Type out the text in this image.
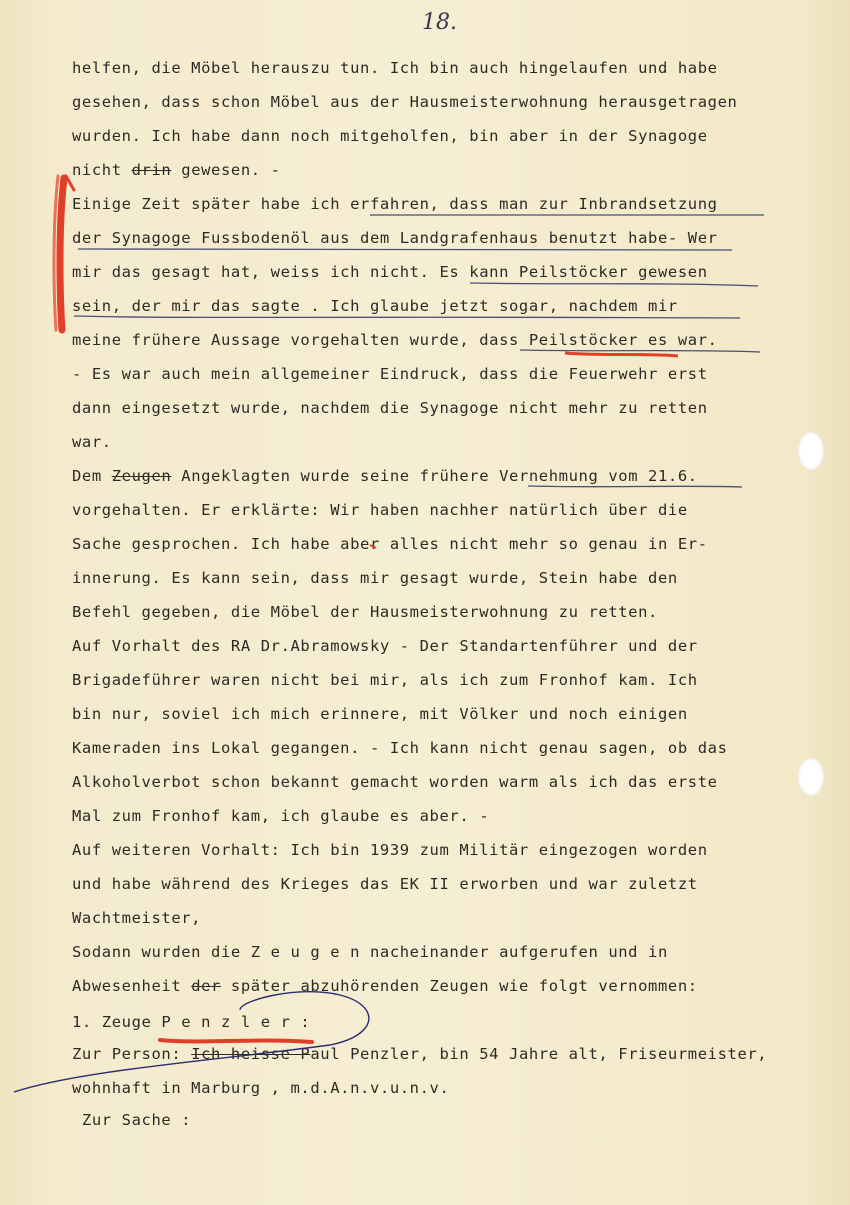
18.
helfen, die Möbel herauszu tun. Ich bin auch hingelaufen und habe
gesehen, dass schon Möbel aus der Hausmeisterwohnung herausgetragen
wurden. Ich habe dann noch mitgeholfen, bin aber in der Synagoge
nicht drin gewesen. -
Einige Zeit später habe ich erfahren, dass man zur Inbrandsetzung
der Synagoge Fussbodenöl aus dem Landgrafenhaus benutzt habe- Wer
mir das gesagt hat, weiss ich nicht. Es kann Peilstöcker gewesen
sein, der mir das sagte . Ich glaube jetzt sogar, nachdem mir
meine frühere Aussage vorgehalten wurde, dass Peilstöcker es war.
- Es war auch mein allgemeiner Eindruck, dass die Feuerwehr erst
dann eingesetzt wurde, nachdem die Synagoge nicht mehr zu retten
war.
Dem Zeugen Angeklagten wurde seine frühere Vernehmung vom 21.6.
vorgehalten. Er erklärte: Wir haben nachher natürlich über die
Sache gesprochen. Ich habe aber alles nicht mehr so genau in Er-
innerung. Es kann sein, dass mir gesagt wurde, Stein habe den
Befehl gegeben, die Möbel der Hausmeisterwohnung zu retten.
Auf Vorhalt des RA Dr.Abramowsky - Der Standartenführer und der
Brigadeführer waren nicht bei mir, als ich zum Fronhof kam. Ich
bin nur, soviel ich mich erinnere, mit Völker und noch einigen
Kameraden ins Lokal gegangen. - Ich kann nicht genau sagen, ob das
Alkoholverbot schon bekannt gemacht worden warm als ich das erste
Mal zum Fronhof kam, ich glaube es aber. -
Auf weiteren Vorhalt: Ich bin 1939 zum Militär eingezogen worden
und habe während des Krieges das EK II erworben und war zuletzt
Wachtmeister,
Sodann wurden die Z e u g e n nacheinander aufgerufen und in
Abwesenheit der später abzuhörenden Zeugen wie folgt vernommen:
1. Zeuge P e n z l e r :
Zur Person: Ich heisse Paul Penzler, bin 54 Jahre alt, Friseurmeister,
wohnhaft in Marburg , m.d.A.n.v.u.n.v.
Zur Sache :
